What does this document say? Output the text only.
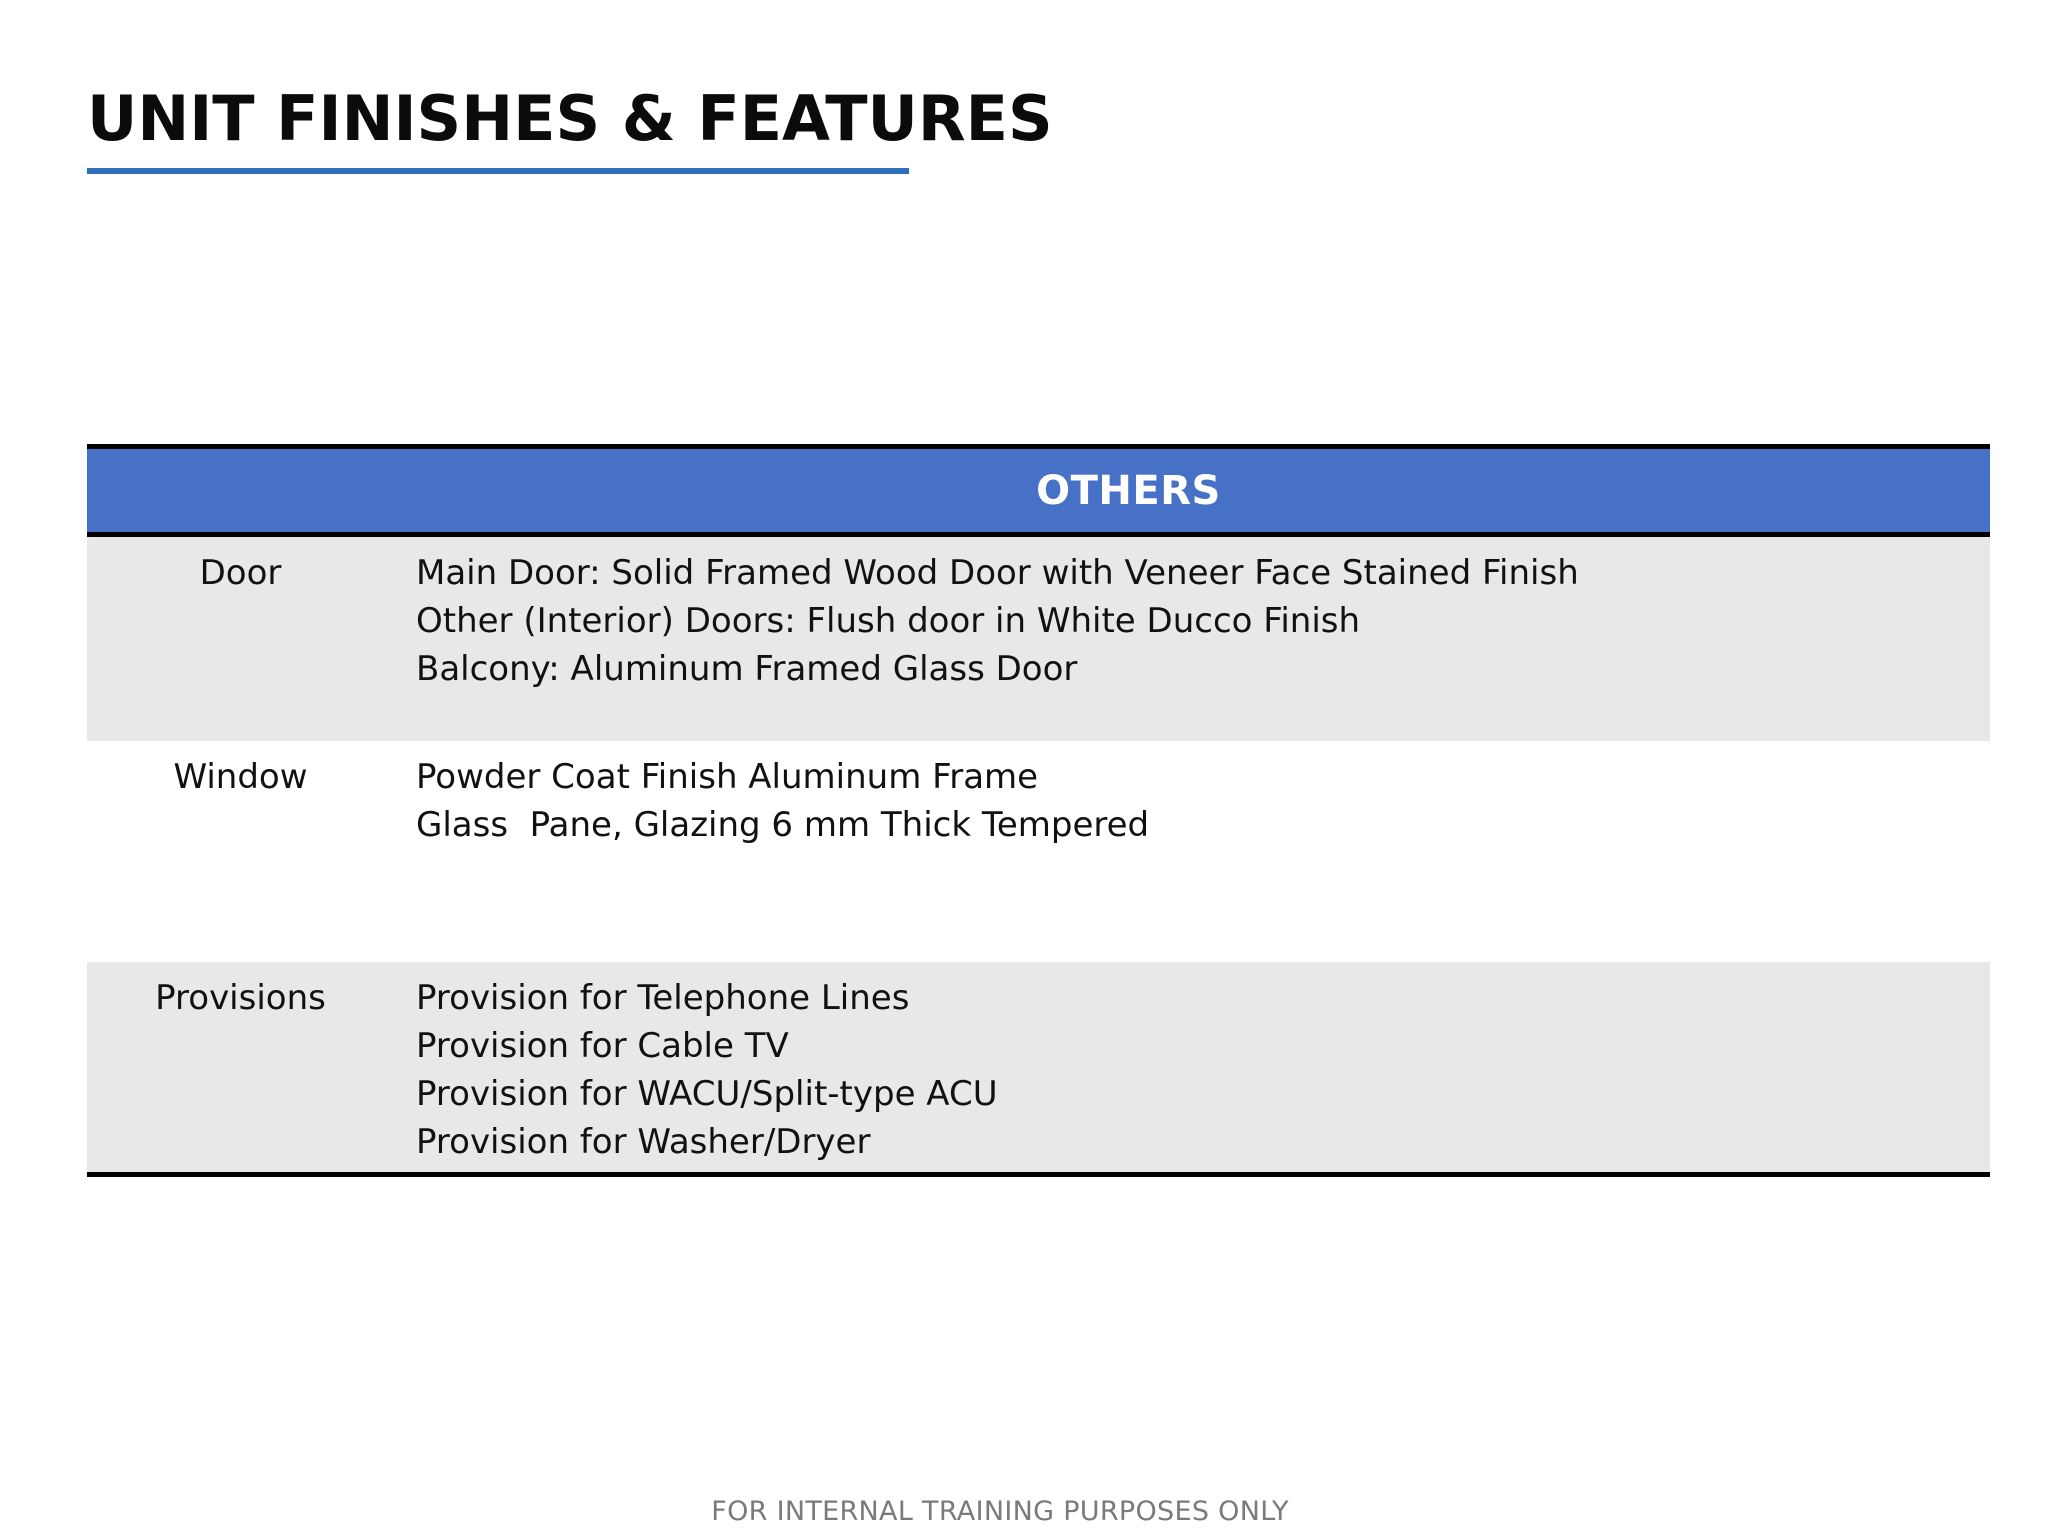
UNIT FINISHES & FEATURES
OTHERS
Door	Main Door: Solid Framed Wood Door with Veneer Face Stained Finish
Other (Interior) Doors: Flush door in White Ducco Finish
Balcony: Aluminum Framed Glass Door
Window	Powder Coat Finish Aluminum Frame
Glass  Pane, Glazing 6 mm Thick Tempered
Provisions	Provision for Telephone Lines
Provision for Cable TV
Provision for WACU/Split-type ACU
Provision for Washer/Dryer
FOR INTERNAL TRAINING PURPOSES ONLY
